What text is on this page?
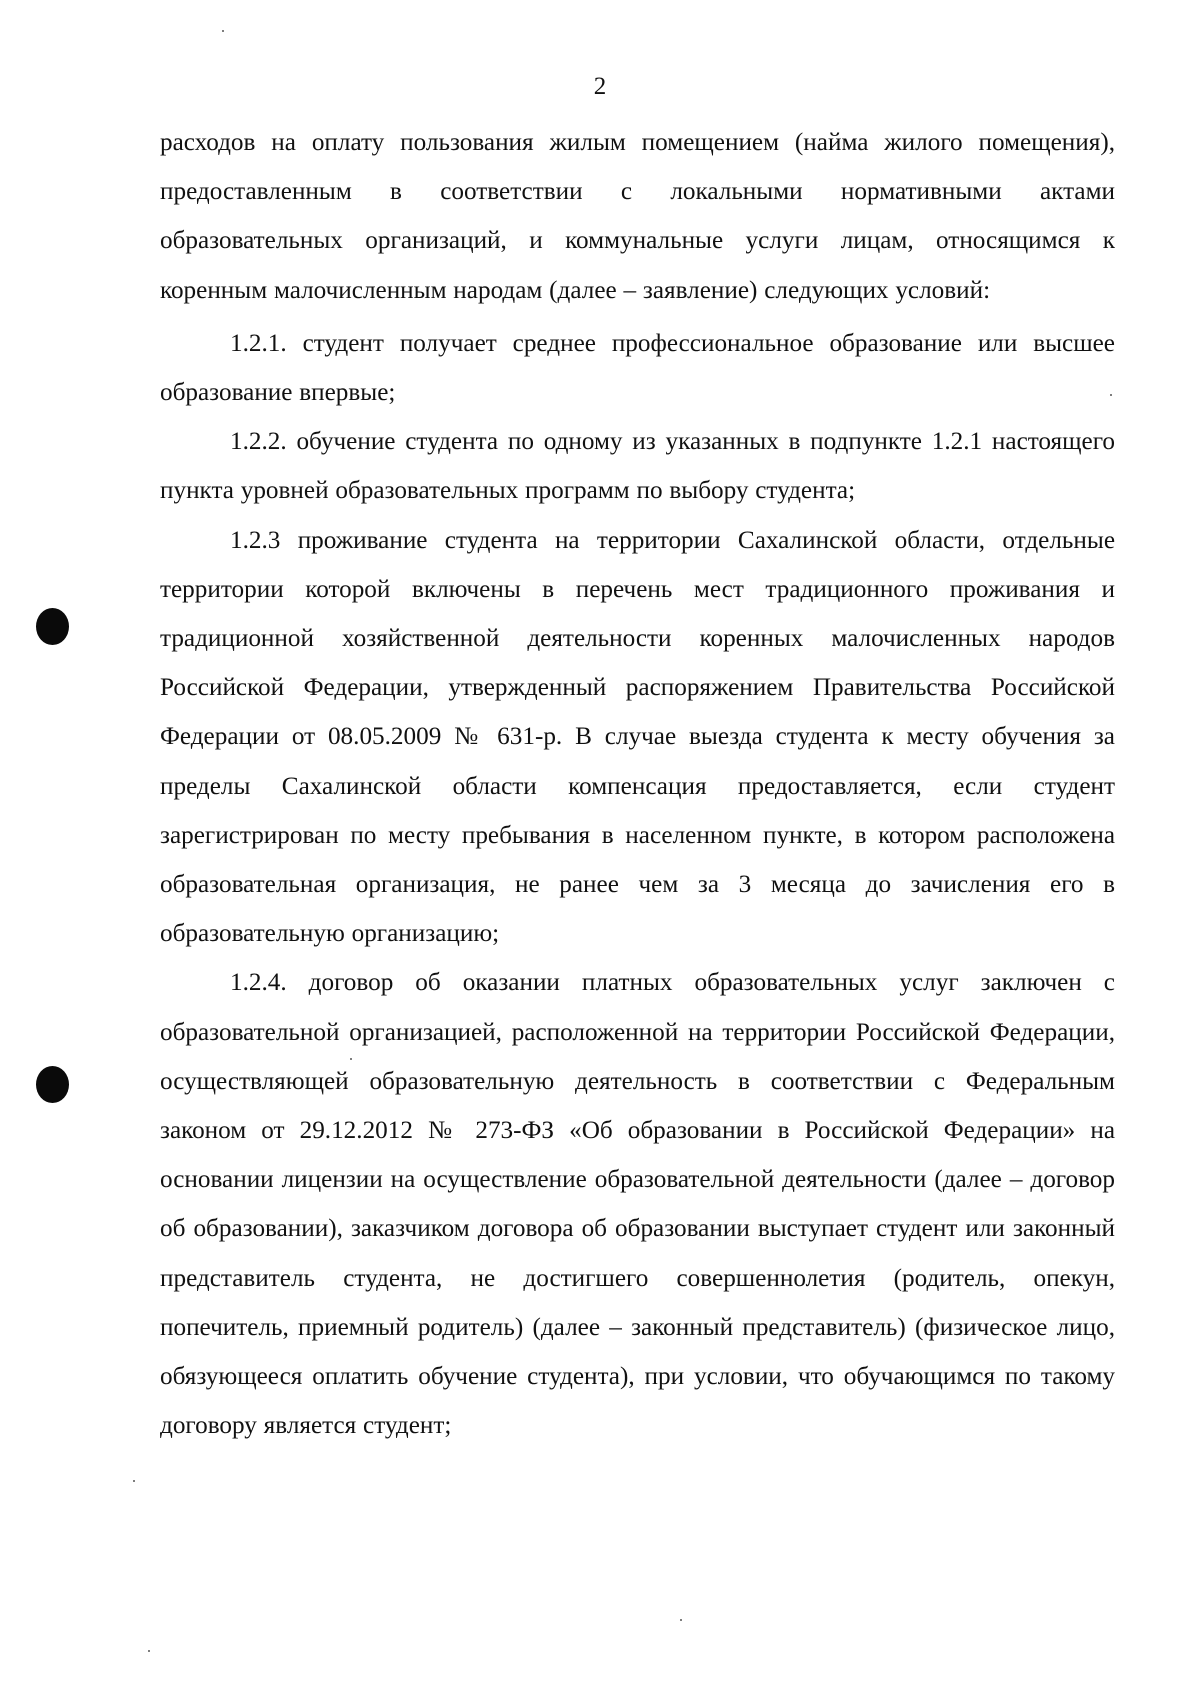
2

расходов на оплату пользования жилым помещением (найма жилого помещения), предоставленным в соответствии с локальными нормативными актами образовательных организаций, и коммунальные услуги лицам, относящимся к коренным малочисленным народам (далее – заявление) следующих условий:

1.2.1. студент получает среднее профессиональное образование или высшее образование впервые;

1.2.2. обучение студента по одному из указанных в подпункте 1.2.1 настоящего пункта уровней образовательных программ по выбору студента;

1.2.3 проживание студента на территории Сахалинской области, отдельные территории которой включены в перечень мест традиционного проживания и традиционной хозяйственной деятельности коренных малочисленных народов Российской Федерации, утвержденный распоряжением Правительства Российской Федерации от 08.05.2009 № 631-р. В случае выезда студента к месту обучения за пределы Сахалинской области компенсация предоставляется, если студент зарегистрирован по месту пребывания в населенном пункте, в котором расположена образовательная организация, не ранее чем за 3 месяца до зачисления его в образовательную организацию;

1.2.4. договор об оказании платных образовательных услуг заключен с образовательной организацией, расположенной на территории Российской Федерации, осуществляющей образовательную деятельность в соответствии с Федеральным законом от 29.12.2012 № 273-ФЗ «Об образовании в Российской Федерации» на основании лицензии на осуществление образовательной деятельности (далее – договор об образовании), заказчиком договора об образовании выступает студент или законный представитель студента, не достигшего совершеннолетия (родитель, опекун, попечитель, приемный родитель) (далее – законный представитель) (физическое лицо, обязующееся оплатить обучение студента), при условии, что обучающимся по такому договору является студент;
